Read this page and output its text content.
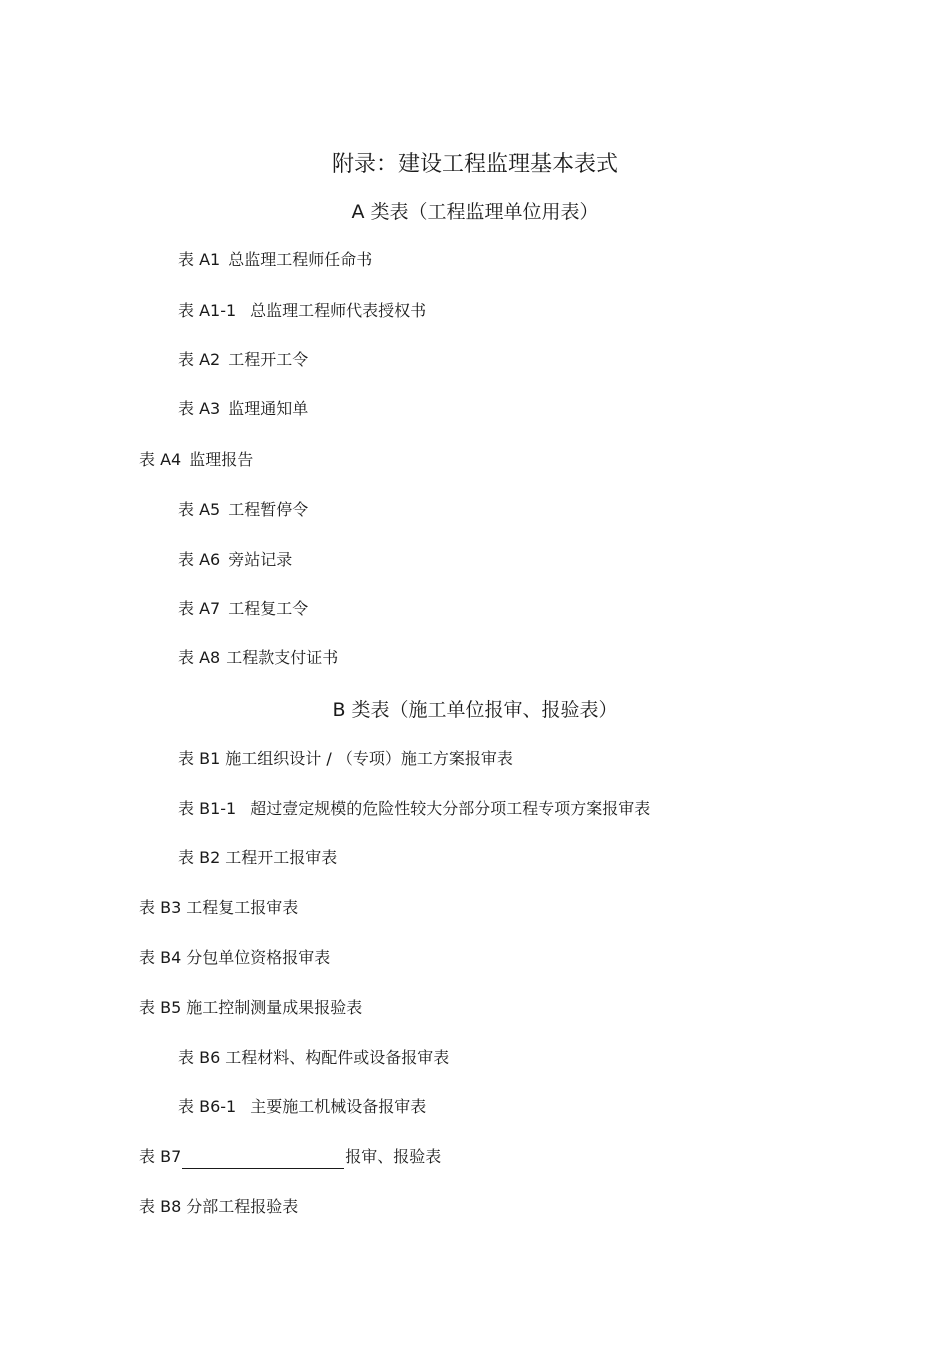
附录：建设工程监理基本表式
A 类表（工程监理单位用表）
表 A1 总监理工程师任命书
表 A1-1 总监理工程师代表授权书
表 A2 工程开工令
表 A3 监理通知单
表 A4 监理报告
表 A5 工程暂停令
表 A6 旁站记录
表 A7 工程复工令
表 A8 工程款支付证书
B 类表（施工单位报审、报验表）
表 B1 施工组织设计 / （专项）施工方案报审表
表 B1-1 超过壹定规模的危险性较大分部分项工程专项方案报审表
表 B2 工程开工报审表
表 B3 工程复工报审表
表 B4 分包单位资格报审表
表 B5 施工控制测量成果报验表
表 B6 工程材料、构配件或设备报审表
表 B6-1 主要施工机械设备报审表
表 B7	报审、报验表
表 B8 分部工程报验表
